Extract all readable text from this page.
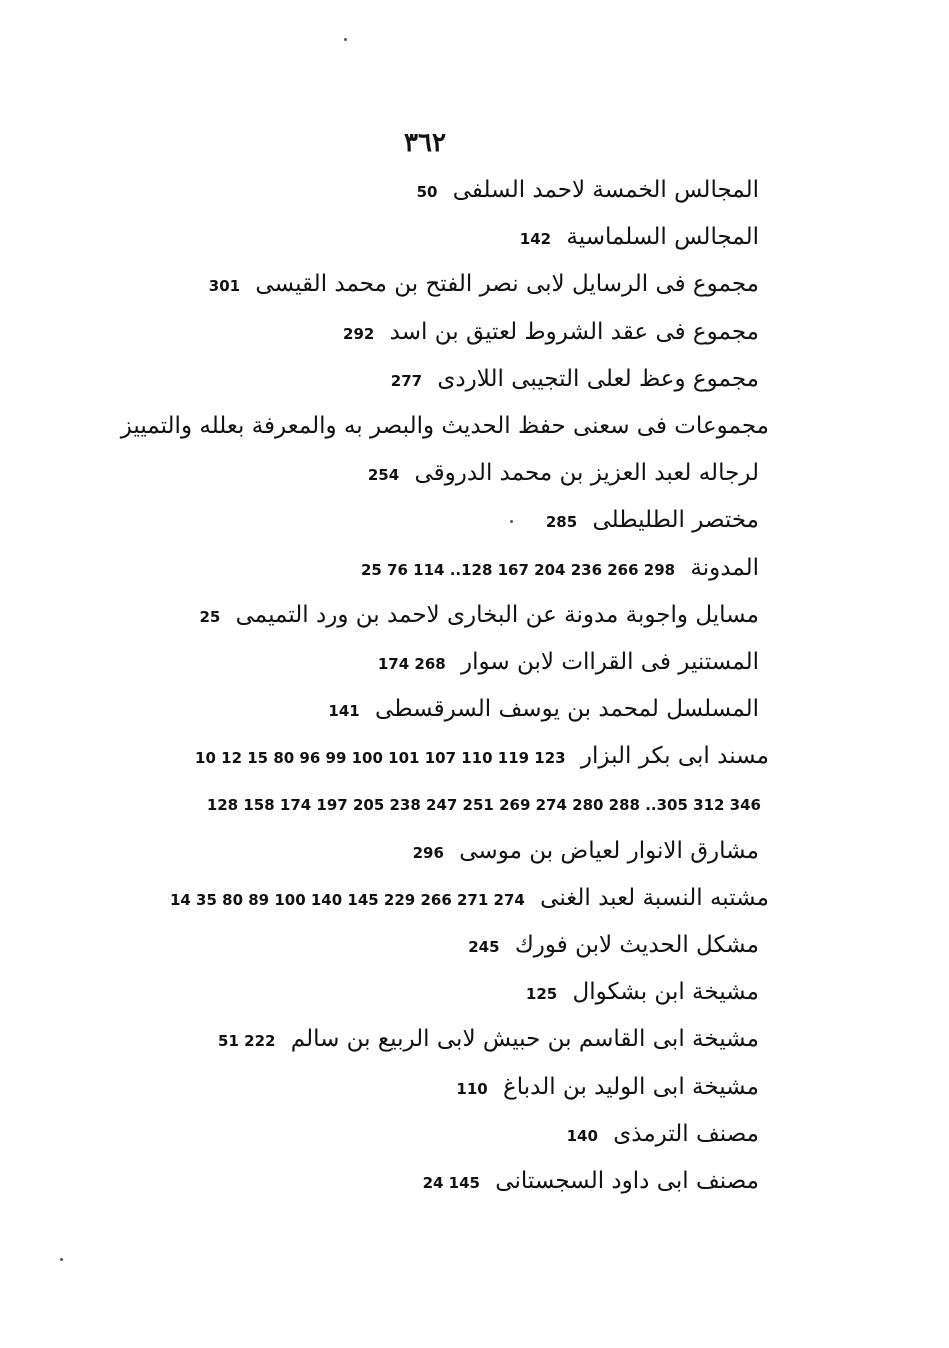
٣٦٢
المجالس الخمسة لاحمد السلفى 50
المجالس السلماسية 142
مجموع فى الرسايل لابى نصر الفتح بن محمد القيسى 301
مجموع فى عقد الشروط لعتيق بن اسد 292
مجموع وعظ لعلى التجيبى اللاردى 277
مجموعات فى سعنى حفظ الحديث والبصر به والمعرفة بعلله والتمييز
لرجاله لعبد العزيز بن محمد الدروقى 254
مختصر الطليطلى 285
المدونة 25 76 114 ..128 167 204 236 266 298
مسايل واجوبة مدونة عن البخارى لاحمد بن ورد التميمى 25
المستنير فى القراات لابن سوار 174 268
المسلسل لمحمد بن يوسف السرقسطى 141
مسند ابى بكر البزار 10 12 15 80 96 99 100 101 107 110 119 123
128 158 174 197 205 238 247 251 269 274 280 288 ..305 312 346
مشارق الانوار لعياض بن موسى 296
مشتبه النسبة لعبد الغنى 14 35 80 89 100 140 145 229 266 271 274
مشكل الحديث لابن فورك 245
مشيخة ابن بشكوال 125
مشيخة ابى القاسم بن حبيش لابى الربيع بن سالم 51 222
مشيخة ابى الوليد بن الدباغ 110
مصنف الترمذى 140
مصنف ابى داود السجستانى 24 145
